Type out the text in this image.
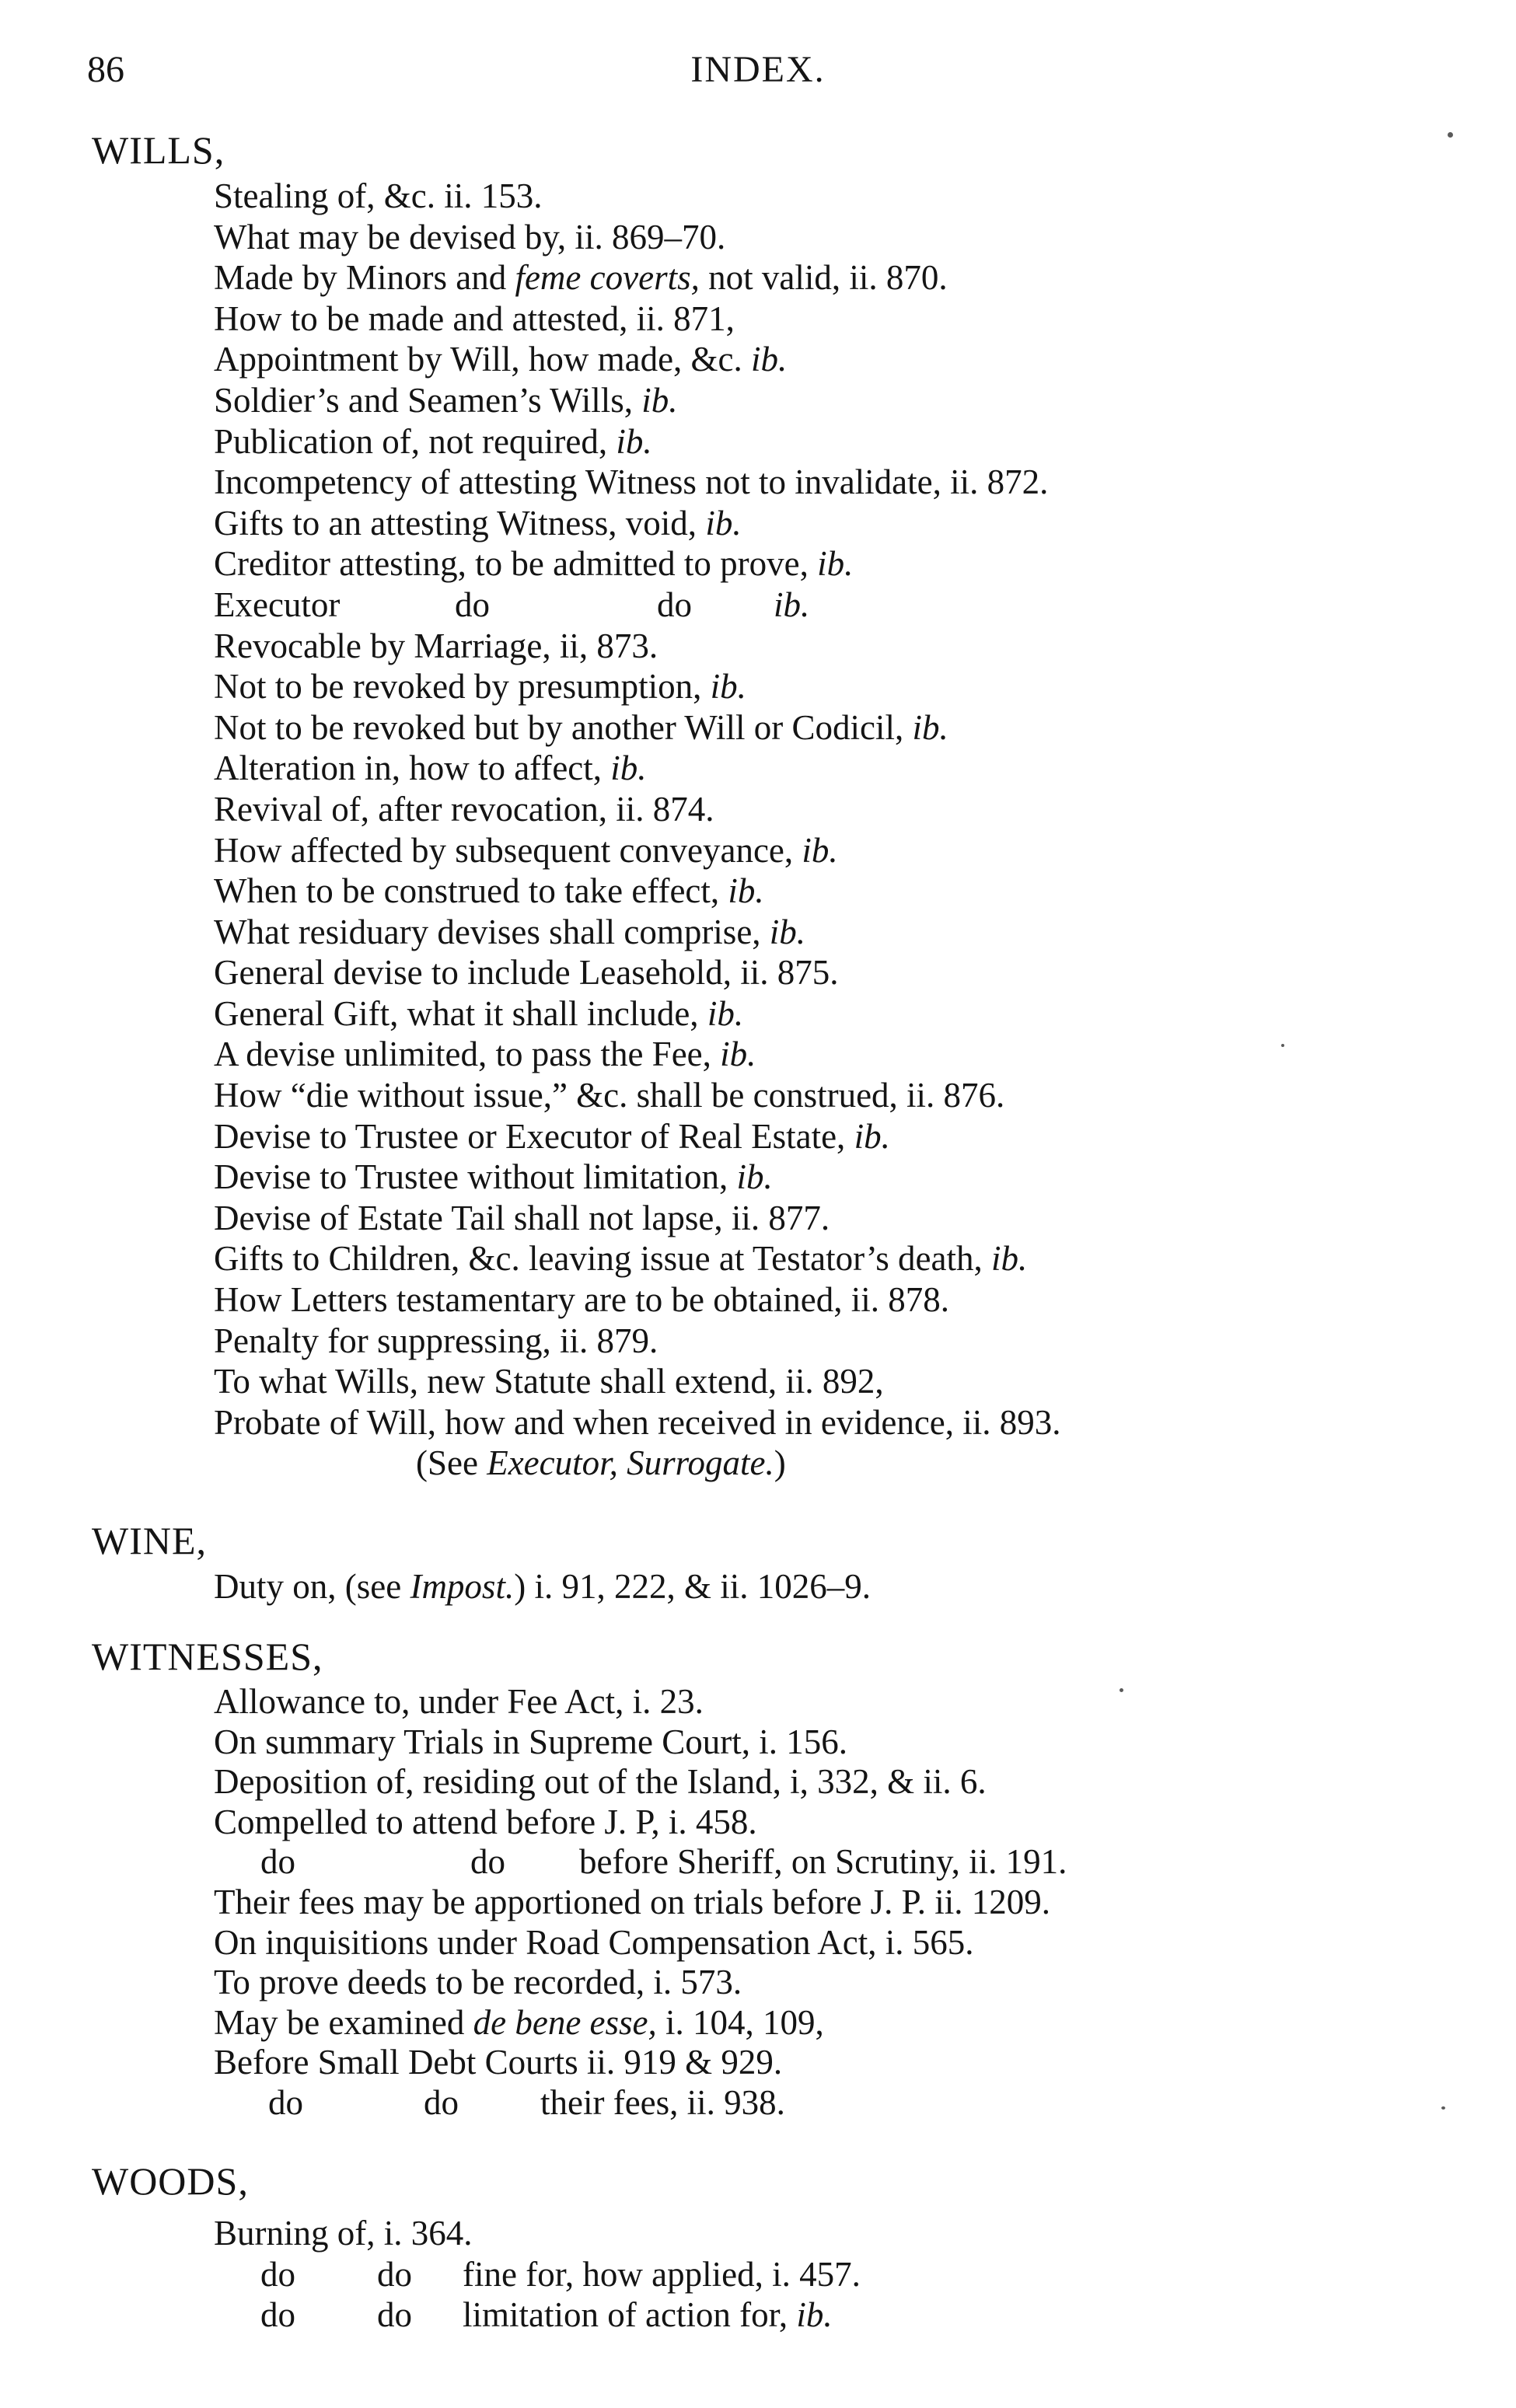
86	INDEX.
WILLS,
Stealing of, &c. ii. 153.
What may be devised by, ii. 869–70.
Made by Minors and feme coverts, not valid, ii. 870.
How to be made and attested, ii. 871,
Appointment by Will, how made, &c. ib.
Soldier’s and Seamen’s Wills, ib.
Publication of, not required, ib.
Incompetency of attesting Witness not to invalidate, ii. 872.
Gifts to an attesting Witness, void, ib.
Creditor attesting, to be admitted to prove, ib.
Executor	do	do ib.
Revocable by Marriage, ii, 873.
Not to be revoked by presumption, ib.
Not to be revoked but by another Will or Codicil, ib.
Alteration in, how to affect, ib.
Revival of, after revocation, ii. 874.
How affected by subsequent conveyance, ib.
When to be construed to take effect, ib.
What residuary devises shall comprise, ib.
General devise to include Leasehold, ii. 875.
General Gift, what it shall include, ib.
A devise unlimited, to pass the Fee, ib.
How “die without issue,” &c. shall be construed, ii. 876.
Devise to Trustee or Executor of Real Estate, ib.
Devise to Trustee without limitation, ib.
Devise of Estate Tail shall not lapse, ii. 877.
Gifts to Children, &c. leaving issue at Testator’s death, ib.
How Letters testamentary are to be obtained, ii. 878.
Penalty for suppressing, ii. 879.
To what Wills, new Statute shall extend, ii. 892,
Probate of Will, how and when received in evidence, ii. 893.
(See Executor, Surrogate.)
WINE,
Duty on, (see Impost.) i. 91, 222, & ii. 1026–9.
WITNESSES,
Allowance to, under Fee Act, i. 23.
On summary Trials in Supreme Court, i. 156.
Deposition of, residing out of the Island, i, 332, & ii. 6.
Compelled to attend before J. P, i. 458.
do	do before Sheriff, on Scrutiny, ii. 191.
Their fees may be apportioned on trials before J. P. ii. 1209.
On inquisitions under Road Compensation Act, i. 565.
To prove deeds to be recorded, i. 573.
May be examined de bene esse, i. 104, 109,
Before Small Debt Courts ii. 919 & 929.
do	do their fees, ii. 938.
WOODS,
Burning of, i. 364.
do do fine for, how applied, i. 457.
do do limitation of action for, ib.
